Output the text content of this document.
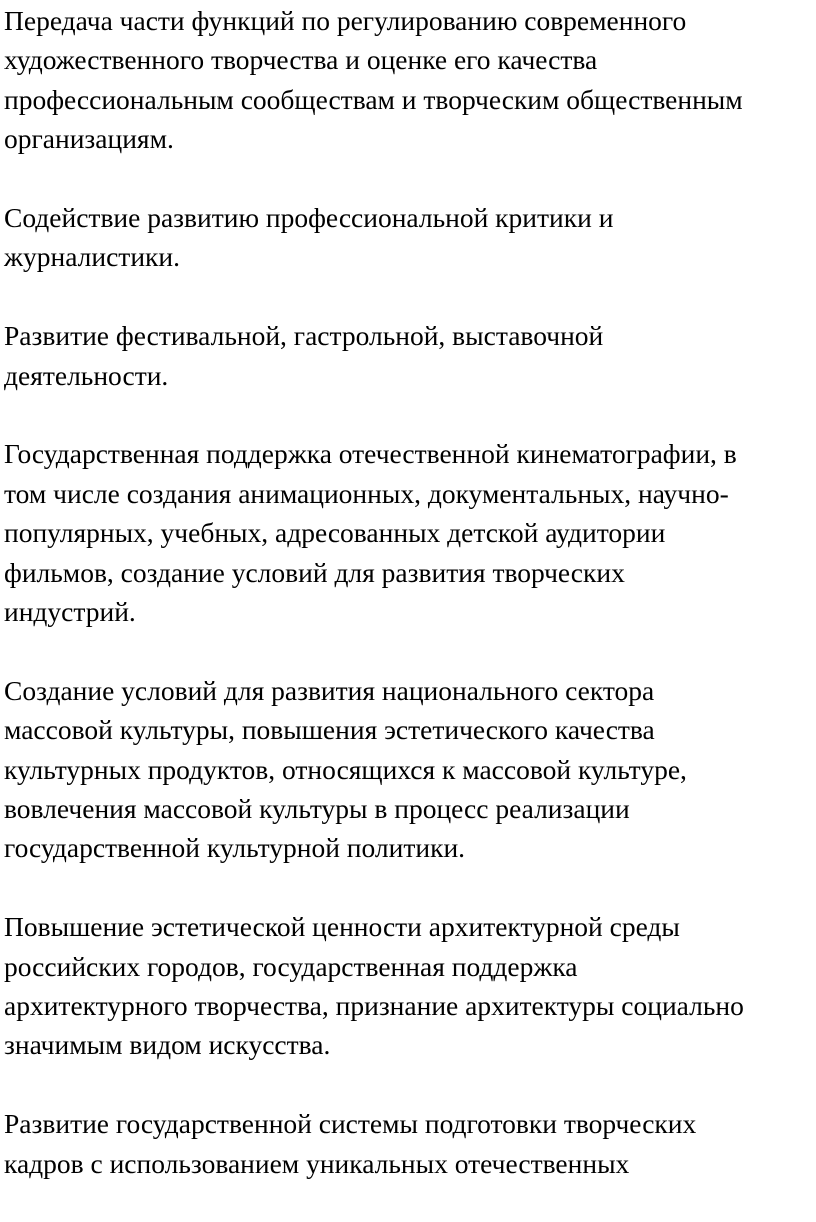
Передача части функций по регулированию современного
художественного творчества и оценке его качества
профессиональным сообществам и творческим общественным
организациям.

Содействие развитию профессиональной критики и
журналистики.

Развитие фестивальной, гастрольной, выставочной
деятельности.

Государственная поддержка отечественной кинематографии, в
том числе создания анимационных, документальных, научно-
популярных, учебных, адресованных детской аудитории
фильмов, создание условий для развития творческих
индустрий.

Создание условий для развития национального сектора
массовой культуры, повышения эстетического качества
культурных продуктов, относящихся к массовой культуре,
вовлечения массовой культуры в процесс реализации
государственной культурной политики.

Повышение эстетической ценности архитектурной среды
российских городов, государственная поддержка
архитектурного творчества, признание архитектуры социально
значимым видом искусства.

Развитие государственной системы подготовки творческих
кадров с использованием уникальных отечественных
